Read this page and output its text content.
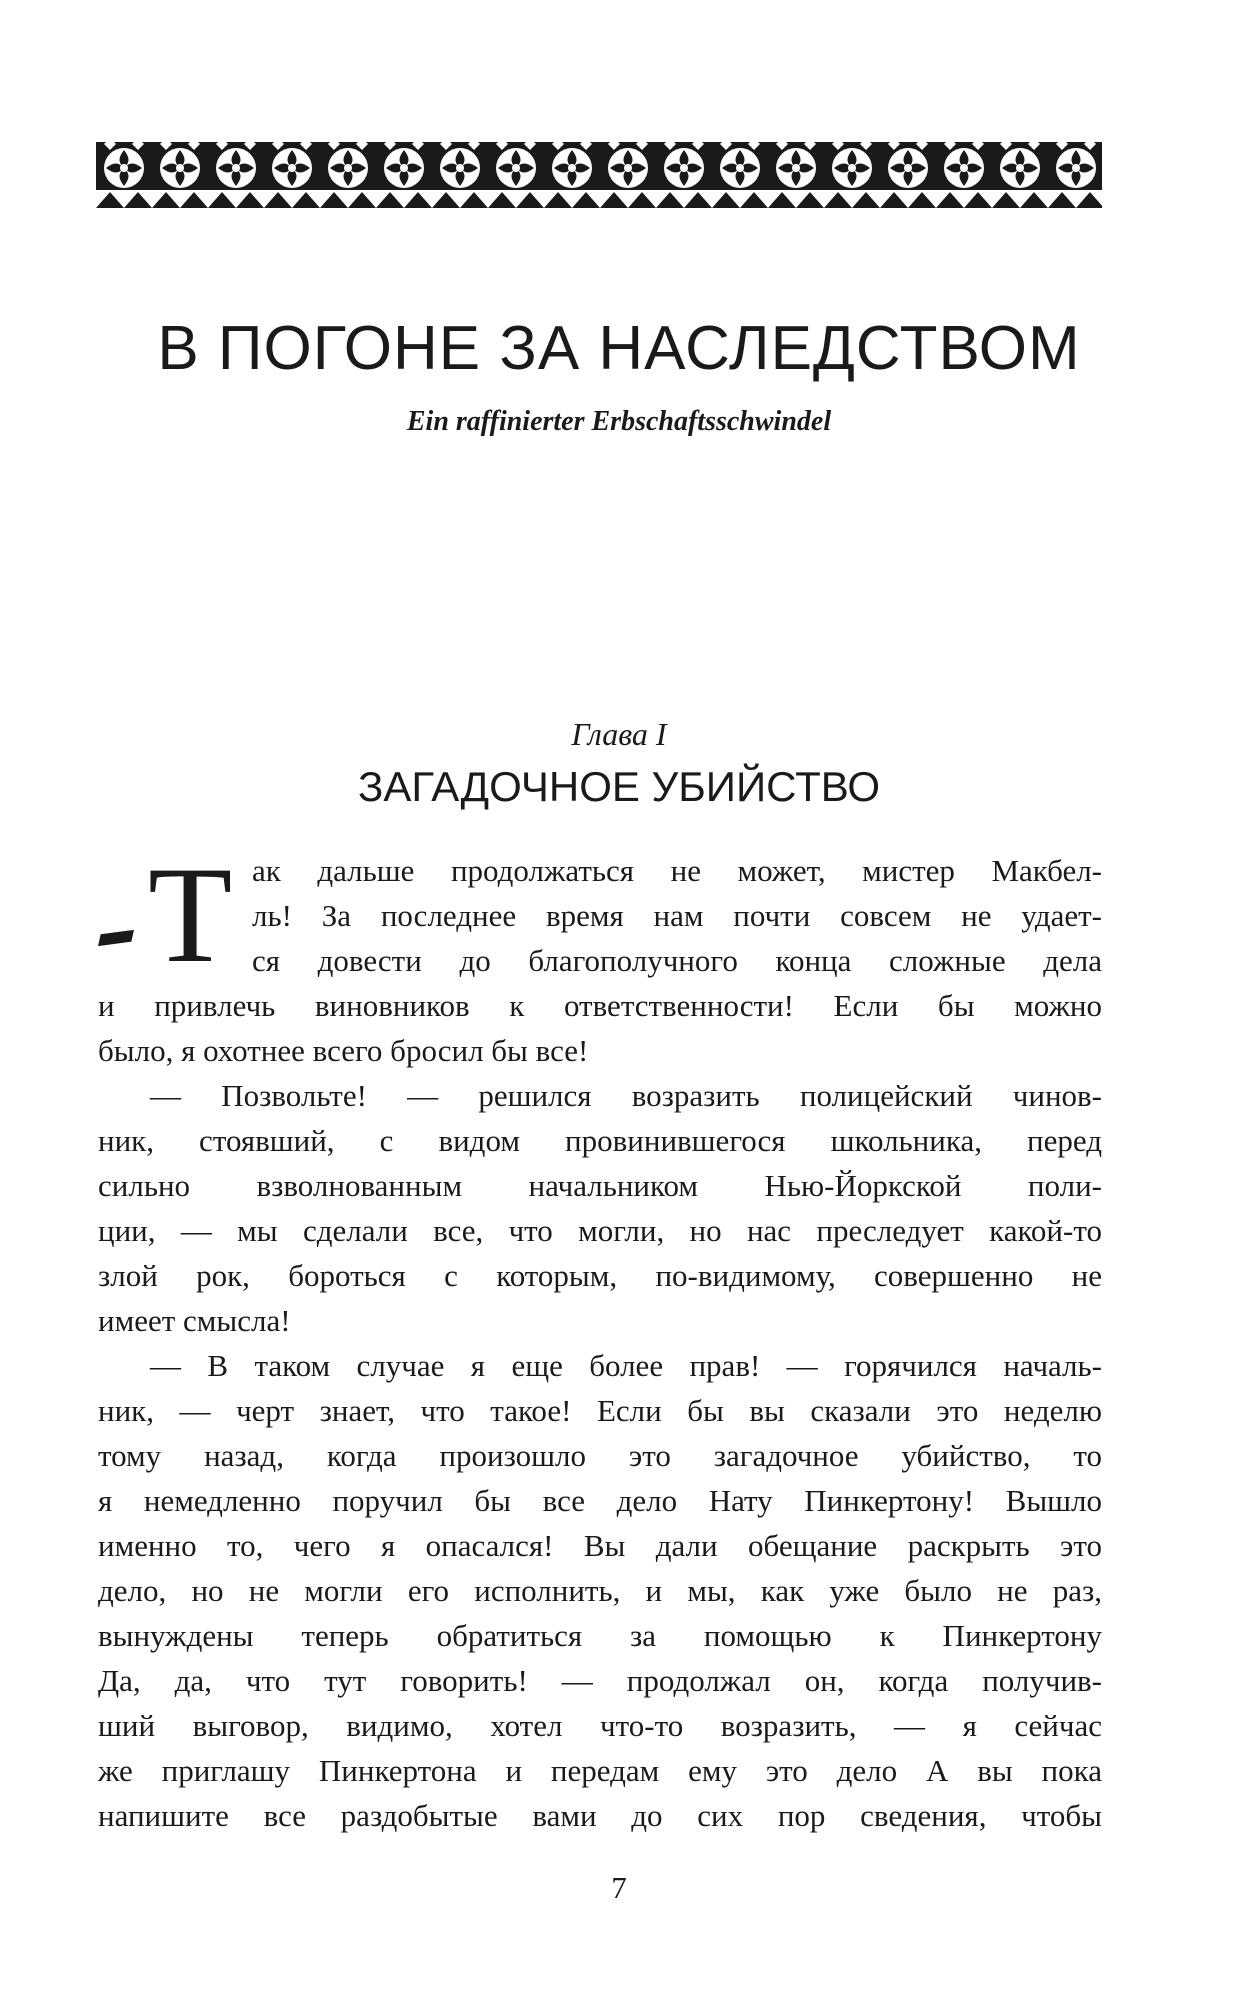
В ПОГОНЕ ЗА НАСЛЕДСТВОМ
Ein raffinierter Erbschaftsschwindel
Глава I
ЗАГАДОЧНОЕ УБИЙСТВО
Т ак дальше продолжаться не может, мистер Макбел-
ль! За последнее время нам почти совсем не удает-
ся довести до благополучного конца сложные дела
и привлечь виновников к ответственности! Если бы можно
было, я охотнее всего бросил бы все!
— Позвольте! — решился возразить полицейский чинов-
ник, стоявший, с видом провинившегося школьника, перед
сильно взволнованным начальником Нью-Йоркской поли-
ции, — мы сделали все, что могли, но нас преследует какой-то
злой рок, бороться с которым, по-видимому, совершенно не
имеет смысла!
— В таком случае я еще более прав! — горячился началь-
ник, — черт знает, что такое! Если бы вы сказали это неделю
тому назад, когда произошло это загадочное убийство, то
я немедленно поручил бы все дело Нату Пинкертону! Вышло
именно то, чего я опасался! Вы дали обещание раскрыть это
дело, но не могли его исполнить, и мы, как уже было не раз,
вынуждены теперь обратиться за помощью к Пинкертону
Да, да, что тут говорить! — продолжал он, когда получив-
ший выговор, видимо, хотел что-то возразить, — я сейчас
же приглашу Пинкертона и передам ему это дело А вы пока
напишите все раздобытые вами до сих пор сведения, чтобы
7
